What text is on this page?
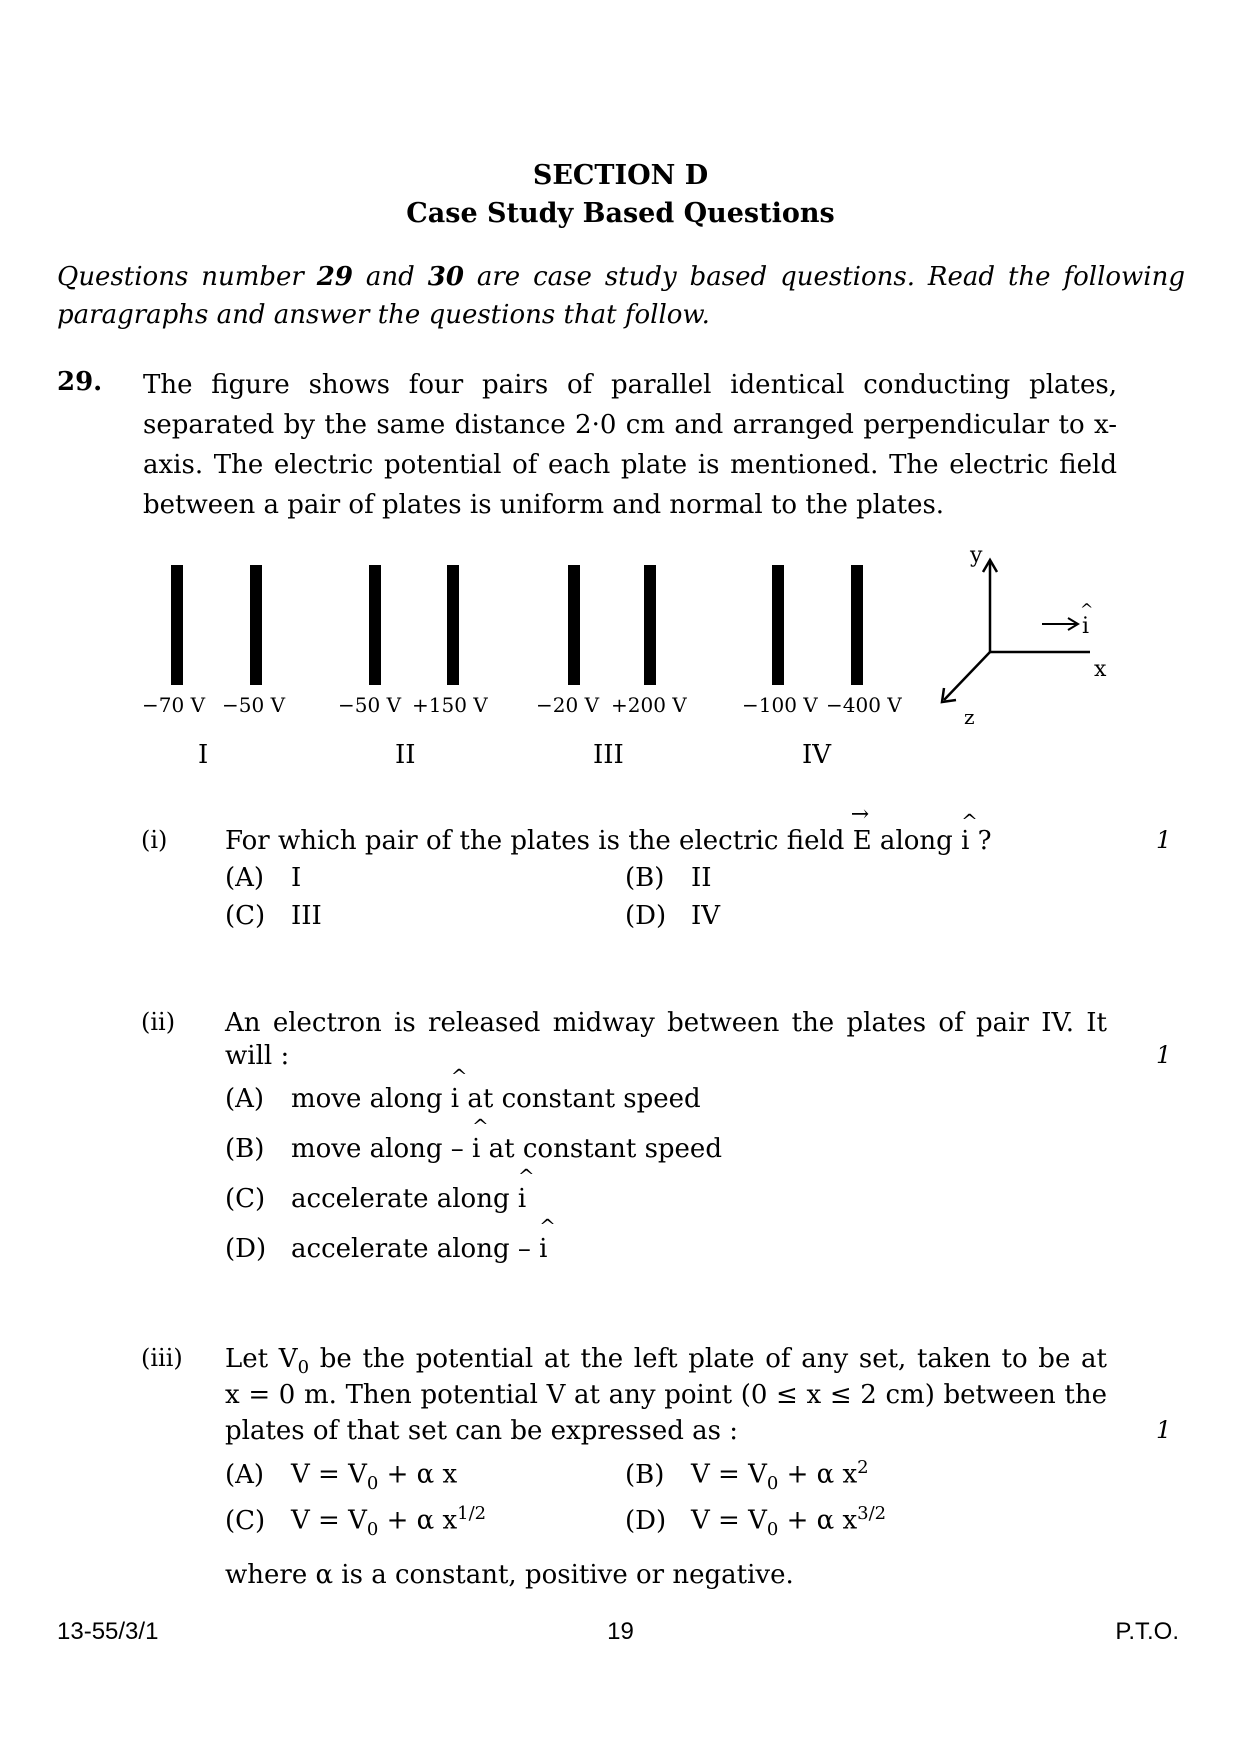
SECTION D
Case Study Based Questions
Questions number 29 and 30 are case study based questions. Read the following paragraphs and answer the questions that follow.
29. The figure shows four pairs of parallel identical conducting plates, separated by the same distance 2·0 cm and arranged perpendicular to x-axis. The electric potential of each plate is mentioned. The electric field between a pair of plates is uniform and normal to the plates.
−70 V −50 V	−50 V +150 V −20 V +200 V	−100 V −400 V
I	II	III	IV
y
x
z
i
^
(i) For which pair of the plates is the electric field → E along ^ i ?	1
(A) I	(B) II
(C) III	(D) IV
(ii) An electron is released midway between the plates of pair IV. It
will :	1
(A) move along ^ i at constant speed
(B) move along – ^ i at constant speed
(C) accelerate along ^ i
(D) accelerate along – ^ i
(iii) Let $V_0$ be the potential at the left plate of any set, taken to be at
x = 0 m. Then potential V at any point (0 ≤ x ≤ 2 cm) between the
plates of that set can be expressed as :	1
(A) $V = V_0 + \alpha$ x	(B) $V = V_0 + \alpha$ $x^2$
(C) $V = V_0 + \alpha$ $x^{1/2}$	(D) $V = V_0 + \alpha$ $x^{3/2}$
where α is a constant, positive or negative.
13-55/3/1	19	P.T.O.
